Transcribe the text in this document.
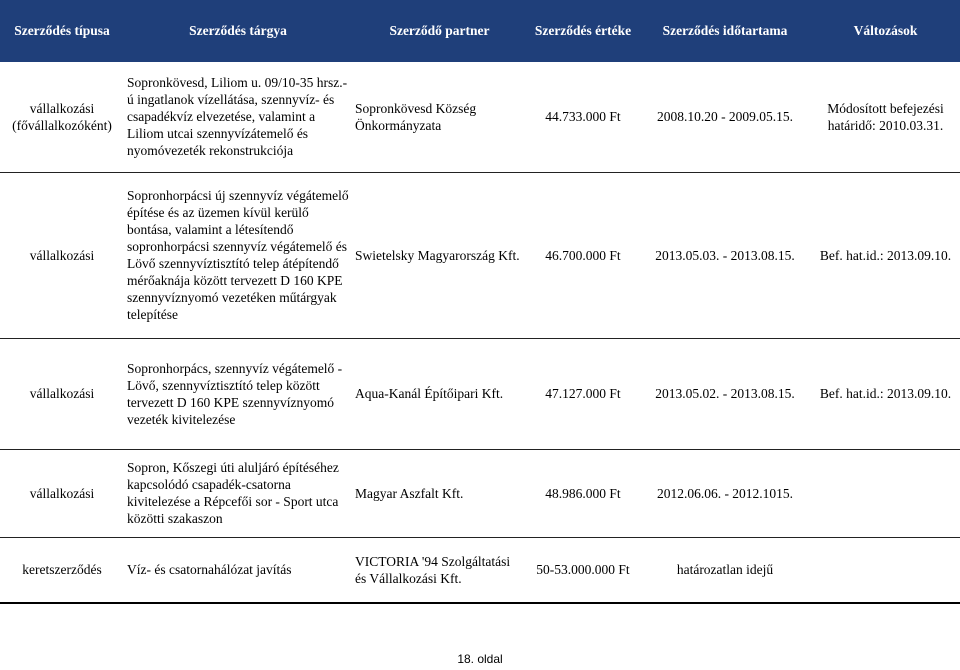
Szerződés típusa	Szerződés tárgya	Szerződő partner	Szerződés értéke	Szerződés időtartama	Változások
vállalkozási (fővállalkozóként)	Sopronkövesd, Liliom u. 09/10-35 hrsz.-ú ingatlanok vízellátása, szennyvíz- és csapadékvíz elvezetése, valamint a Liliom utcai szennyvízátemelő és nyomóvezeték rekonstrukciója	Sopronkövesd Község Önkormányzata	44.733.000 Ft	2008.10.20 - 2009.05.15.	Módosított befejezési határidő: 2010.03.31.
vállalkozási	Sopronhorpácsi új szennyvíz végátemelő építése és az üzemen kívül kerülő bontása, valamint a létesítendő sopronhorpácsi szennyvíz végátemelő és Lövő szennyvíztisztító telep átépítendő mérőaknája között tervezett D 160 KPE szennyvíznyomó vezetéken műtárgyak telepítése	Swietelsky Magyarország Kft.	46.700.000 Ft	2013.05.03. - 2013.08.15.	Bef. hat.id.: 2013.09.10.
vállalkozási	Sopronhorpács, szennyvíz végátemelő - Lövő, szennyvíztisztító telep között tervezett D 160 KPE szennyvíznyomó vezeték kivitelezése	Aqua-Kanál Építőipari Kft.	47.127.000 Ft	2013.05.02. - 2013.08.15.	Bef. hat.id.: 2013.09.10.
vállalkozási	Sopron, Kőszegi úti aluljáró építéséhez kapcsolódó csapadék-csatorna kivitelezése a Répcefői sor - Sport utca közötti szakaszon	Magyar Aszfalt Kft.	48.986.000 Ft	2012.06.06. - 2012.1015.	
keretszerződés	Víz- és csatornahálózat javítás	VICTORIA '94 Szolgáltatási és Vállalkozási Kft.	50-53.000.000 Ft	határozatlan idejű	
18. oldal
